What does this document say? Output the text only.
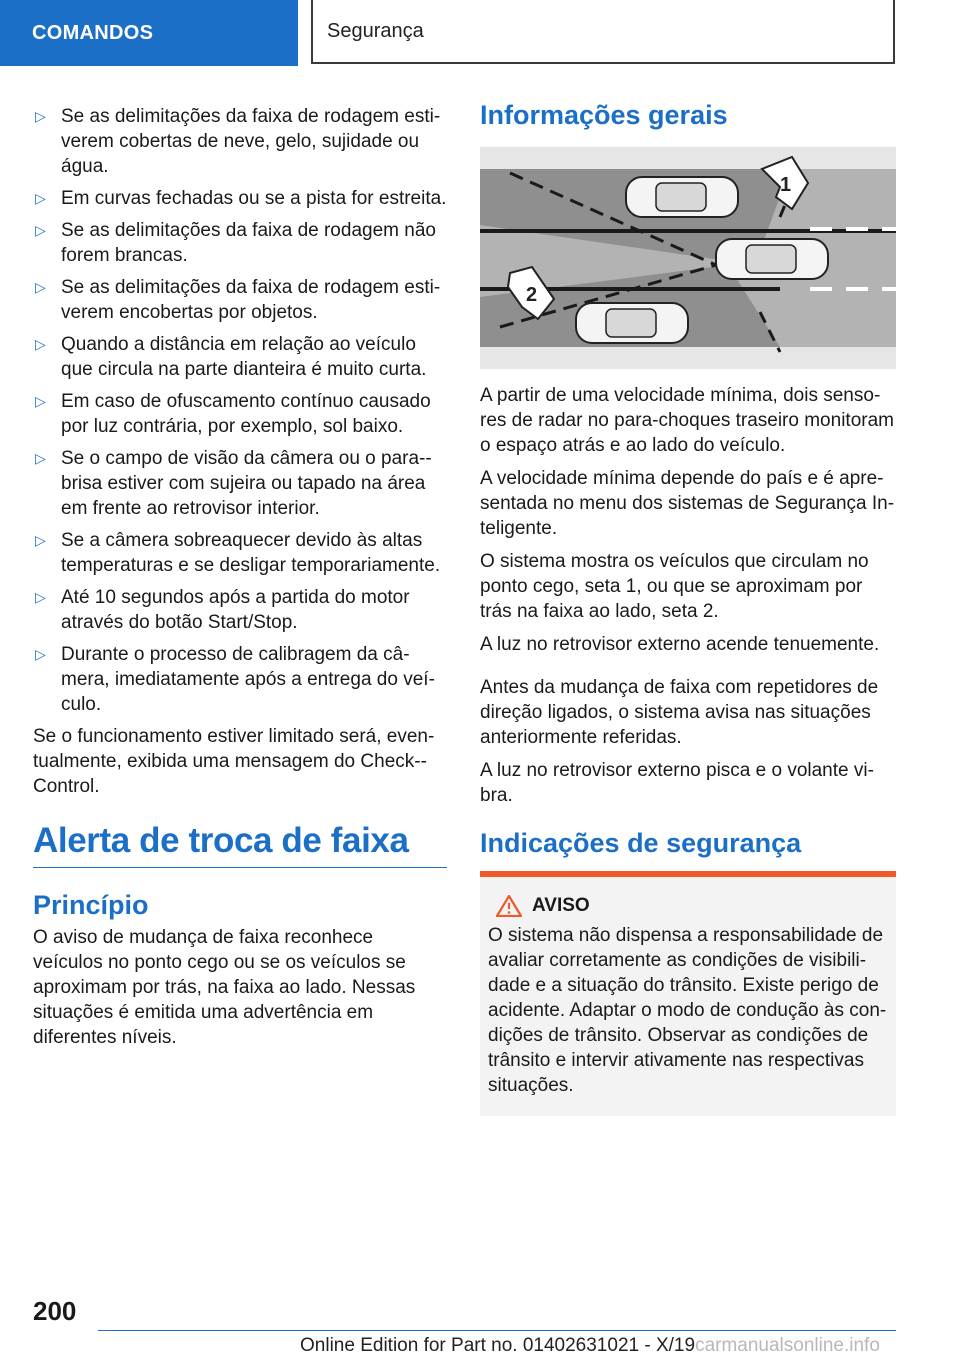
COMANDOS	Segurança
▷ Se as delimitações da faixa de rodagem estiverem cobertas de neve, gelo, sujidade ou água.
▷ Em curvas fechadas ou se a pista for estreita.
▷ Se as delimitações da faixa de rodagem não forem brancas.
▷ Se as delimitações da faixa de rodagem estiverem encobertas por objetos.
▷ Quando a distância em relação ao veículo que circula na parte dianteira é muito curta.
▷ Em caso de ofuscamento contínuo causado por luz contrária, por exemplo, sol baixo.
▷ Se o campo de visão da câmera ou o para-brisa estiver com sujeira ou tapado na área em frente ao retrovisor interior.
▷ Se a câmera sobreaquecer devido às altas temperaturas e se desligar temporariamente.
▷ Até 10 segundos após a partida do motor através do botão Start/Stop.
▷ Durante o processo de calibragem da câmera, imediatamente após a entrega do veículo.

Se o funcionamento estiver limitado será, eventualmente, exibida uma mensagem do Check-Control.

Alerta de troca de faixa
Princípio

O aviso de mudança de faixa reconhece veículos no ponto cego ou se os veículos se aproximam por trás, na faixa ao lado. Nessas situações é emitida uma advertência em diferentes níveis.

Informações gerais
1
2

A partir de uma velocidade mínima, dois sensores de radar no para-choques traseiro monitoram o espaço atrás e ao lado do veículo.

A velocidade mínima depende do país e é apresentada no menu dos sistemas de Segurança Inteligente.

O sistema mostra os veículos que circulam no ponto cego, seta 1, ou que se aproximam por trás na faixa ao lado, seta 2.

A luz no retrovisor externo acende tenuemente.

Antes da mudança de faixa com repetidores de direção ligados, o sistema avisa nas situações anteriormente referidas.

A luz no retrovisor externo pisca e o volante vibra.

Indicações de segurança
AVISO

O sistema não dispensa a responsabilidade de avaliar corretamente as condições de visibilidade e a situação do trânsito. Existe perigo de acidente. Adaptar o modo de condução às condições de trânsito. Observar as condições de trânsito e intervir ativamente nas respectivas situações.

200
Online Edition for Part no. 01402631021 - X/19carmanualsonline.info
